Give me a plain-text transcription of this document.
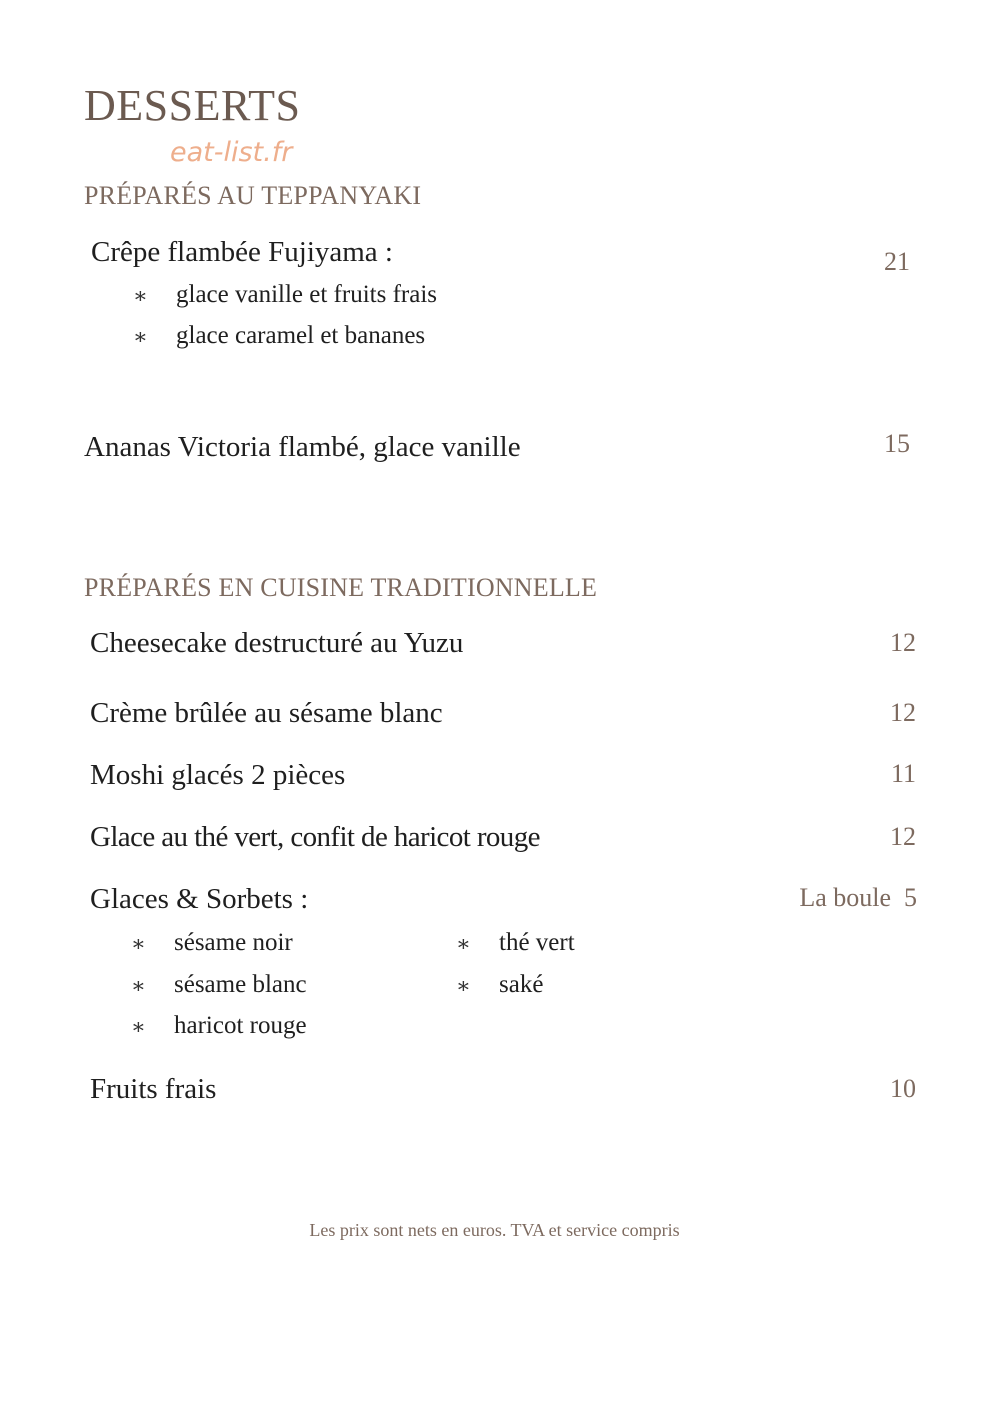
DESSERTS
eat-list.fr
PRÉPARÉS AU TEPPANYAKI
Crêpe flambée Fujiyama :	21
∗ glace vanille et fruits frais
∗ glace caramel et bananes
Ananas Victoria flambé, glace vanille	15
PRÉPARÉS EN CUISINE TRADITIONNELLE
Cheesecake destructuré au Yuzu	12
Crème brûlée au sésame blanc	12
Moshi glacés 2 pièces	11
Glace au thé vert, confit de haricot rouge	12
Glaces & Sorbets :	La boule  5
∗ sésame noir
∗ sésame blanc
∗ haricot rouge
∗ thé vert
∗ saké
Fruits frais	10
Les prix sont nets en euros. TVA et service compris
